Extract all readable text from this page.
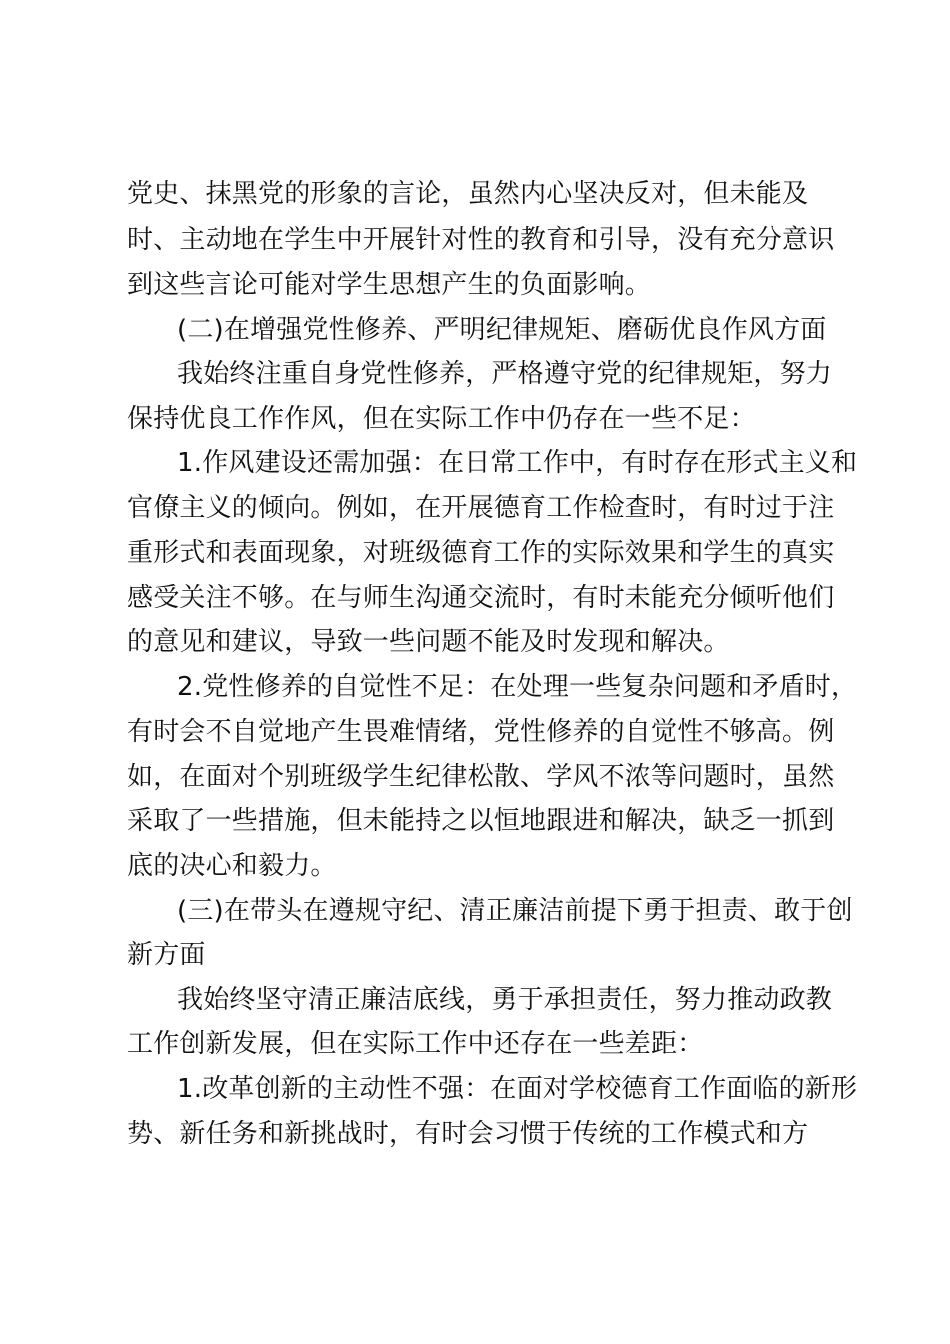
党史、抹黑党的形象的言论，虽然内心坚决反对，但未能及
时、主动地在学生中开展针对性的教育和引导，没有充分意识
到这些言论可能对学生思想产生的负面影响。
(二)在增强党性修养、严明纪律规矩、磨砺优良作风方面
我始终注重自身党性修养，严格遵守党的纪律规矩，努力
保持优良工作作风，但在实际工作中仍存在一些不足：
1.作风建设还需加强：在日常工作中，有时存在形式主义和
官僚主义的倾向。例如，在开展德育工作检查时，有时过于注
重形式和表面现象，对班级德育工作的实际效果和学生的真实
感受关注不够。在与师生沟通交流时，有时未能充分倾听他们
的意见和建议，导致一些问题不能及时发现和解决。
2.党性修养的自觉性不足：在处理一些复杂问题和矛盾时，
有时会不自觉地产生畏难情绪，党性修养的自觉性不够高。例
如，在面对个别班级学生纪律松散、学风不浓等问题时，虽然
采取了一些措施，但未能持之以恒地跟进和解决，缺乏一抓到
底的决心和毅力。
(三)在带头在遵规守纪、清正廉洁前提下勇于担责、敢于创
新方面
我始终坚守清正廉洁底线，勇于承担责任，努力推动政教
工作创新发展，但在实际工作中还存在一些差距：
1.改革创新的主动性不强：在面对学校德育工作面临的新形
势、新任务和新挑战时，有时会习惯于传统的工作模式和方
